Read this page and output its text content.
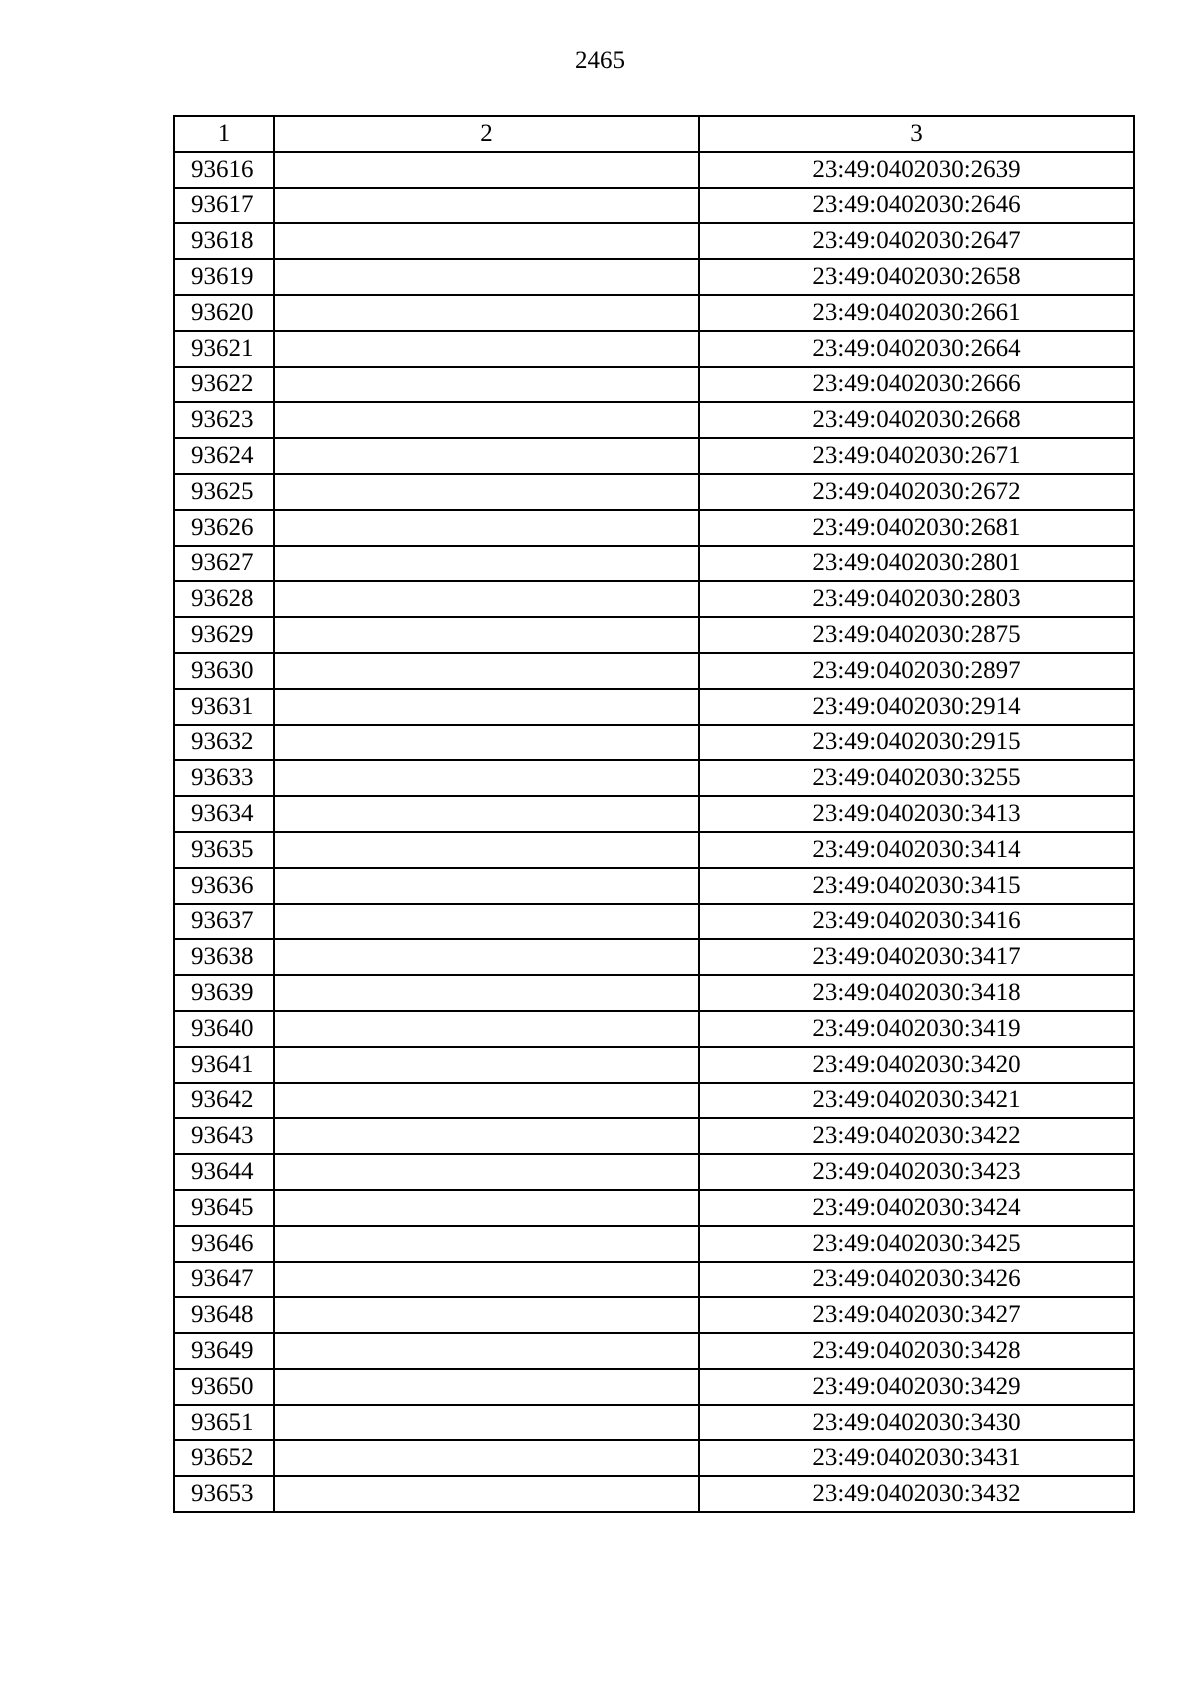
2465
1	2	3
93616		23:49:0402030:2639
93617		23:49:0402030:2646
93618		23:49:0402030:2647
93619		23:49:0402030:2658
93620		23:49:0402030:2661
93621		23:49:0402030:2664
93622		23:49:0402030:2666
93623		23:49:0402030:2668
93624		23:49:0402030:2671
93625		23:49:0402030:2672
93626		23:49:0402030:2681
93627		23:49:0402030:2801
93628		23:49:0402030:2803
93629		23:49:0402030:2875
93630		23:49:0402030:2897
93631		23:49:0402030:2914
93632		23:49:0402030:2915
93633		23:49:0402030:3255
93634		23:49:0402030:3413
93635		23:49:0402030:3414
93636		23:49:0402030:3415
93637		23:49:0402030:3416
93638		23:49:0402030:3417
93639		23:49:0402030:3418
93640		23:49:0402030:3419
93641		23:49:0402030:3420
93642		23:49:0402030:3421
93643		23:49:0402030:3422
93644		23:49:0402030:3423
93645		23:49:0402030:3424
93646		23:49:0402030:3425
93647		23:49:0402030:3426
93648		23:49:0402030:3427
93649		23:49:0402030:3428
93650		23:49:0402030:3429
93651		23:49:0402030:3430
93652		23:49:0402030:3431
93653		23:49:0402030:3432
